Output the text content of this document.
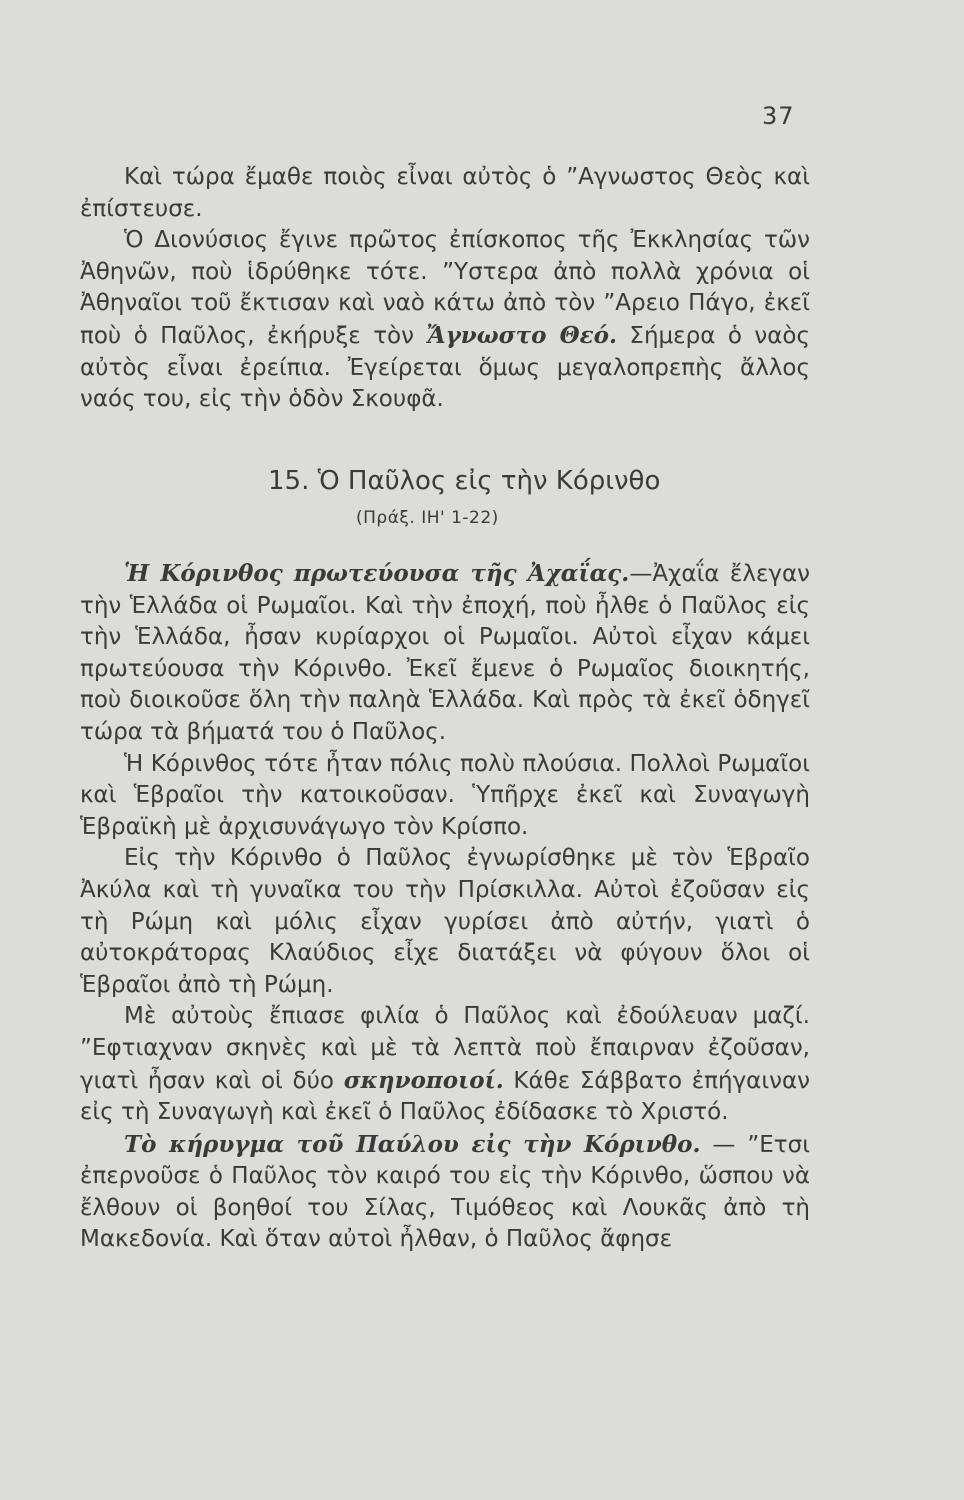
37

Καὶ τώρα ἔμαθε ποιὸς εἶναι αὐτὸς ὁ ”Αγνωστος Θεὸς καὶ ἐπίστευσε.

Ὁ Διονύσιος ἔγινε πρῶτος ἐπίσκοπος τῆς Ἐκκλησίας τῶν Ἀθηνῶν, ποὺ ἱδρύθηκε τότε. ”Υστερα ἀπὸ πολλὰ χρόνια οἱ Ἀθηναῖοι τοῦ ἔκτισαν καὶ ναὸ κάτω ἀπὸ τὸν ”Αρειο Πάγο, ἐκεῖ ποὺ ὁ Παῦλος, ἐκήρυξε τὸν Ἄγνωστο Θεό. Σήμερα ὁ ναὸς αὐτὸς εἶναι ἐρείπια. Ἐγείρεται ὅμως μεγαλοπρεπὴς ἄλλος ναός του, εἰς τὴν ὁδὸν Σκουφᾶ.

15. Ὁ Παῦλος εἰς τὴν Κόρινθο
(Πράξ. ΙΗ' 1-22)

Ἡ Κόρινθος πρωτεύουσα τῆς Ἀχαΐας.—Ἀχαΐα ἔλεγαν τὴν Ἑλλάδα οἱ Ρωμαῖοι. Καὶ τὴν ἐποχή, ποὺ ἦλθε ὁ Παῦλος εἰς τὴν Ἑλλάδα, ἦσαν κυρίαρχοι οἱ Ρωμαῖοι. Αὐτοὶ εἶχαν κάμει πρωτεύουσα τὴν Κόρινθο. Ἐκεῖ ἔμενε ὁ Ρωμαῖος διοικητής, ποὺ διοικοῦσε ὅλη τὴν παληὰ Ἑλλάδα. Καὶ πρὸς τὰ ἐκεῖ ὁδηγεῖ τώρα τὰ βήματά του ὁ Παῦλος.

Ἡ Κόρινθος τότε ἦταν πόλις πολὺ πλούσια. Πολλοὶ Ρωμαῖοι καὶ Ἑβραῖοι τὴν κατοικοῦσαν. Ὑπῆρχε ἐκεῖ καὶ Συναγωγὴ Ἑβραϊκὴ μὲ ἀρχισυνάγωγο τὸν Κρίσπο.

Εἰς τὴν Κόρινθο ὁ Παῦλος ἐγνωρίσθηκε μὲ τὸν Ἑβραῖο Ἀκύλα καὶ τὴ γυναῖκα του τὴν Πρίσκιλλα. Αὐτοὶ ἐζοῦσαν εἰς τὴ Ρώμη καὶ μόλις εἶχαν γυρίσει ἀπὸ αὐτήν, γιατὶ ὁ αὐτοκράτορας Κλαύδιος εἶχε διατάξει νὰ φύγουν ὅλοι οἱ Ἑβραῖοι ἀπὸ τὴ Ρώμη.

Μὲ αὐτοὺς ἔπιασε φιλία ὁ Παῦλος καὶ ἐδούλευαν μαζί. ”Εφτιαχναν σκηνὲς καὶ μὲ τὰ λεπτὰ ποὺ ἔπαιρναν ἐζοῦσαν, γιατὶ ἦσαν καὶ οἱ δύο σκηνοποιοί. Κάθε Σάββατο ἐπήγαιναν εἰς τὴ Συναγωγὴ καὶ ἐκεῖ ὁ Παῦλος ἐδίδασκε τὸ Χριστό.

Τὸ κήρυγμα τοῦ Παύλου εἰς τὴν Κόρινθο. — ”Ετσι ἐπερνοῦσε ὁ Παῦλος τὸν καιρό του εἰς τὴν Κόρινθο, ὥσπου νὰ ἔλθουν οἱ βοηθοί του Σίλας, Τιμόθεος καὶ Λουκᾶς ἀπὸ τὴ Μακεδονία. Καὶ ὅταν αὐτοὶ ἦλθαν, ὁ Παῦλος ἄφησε
